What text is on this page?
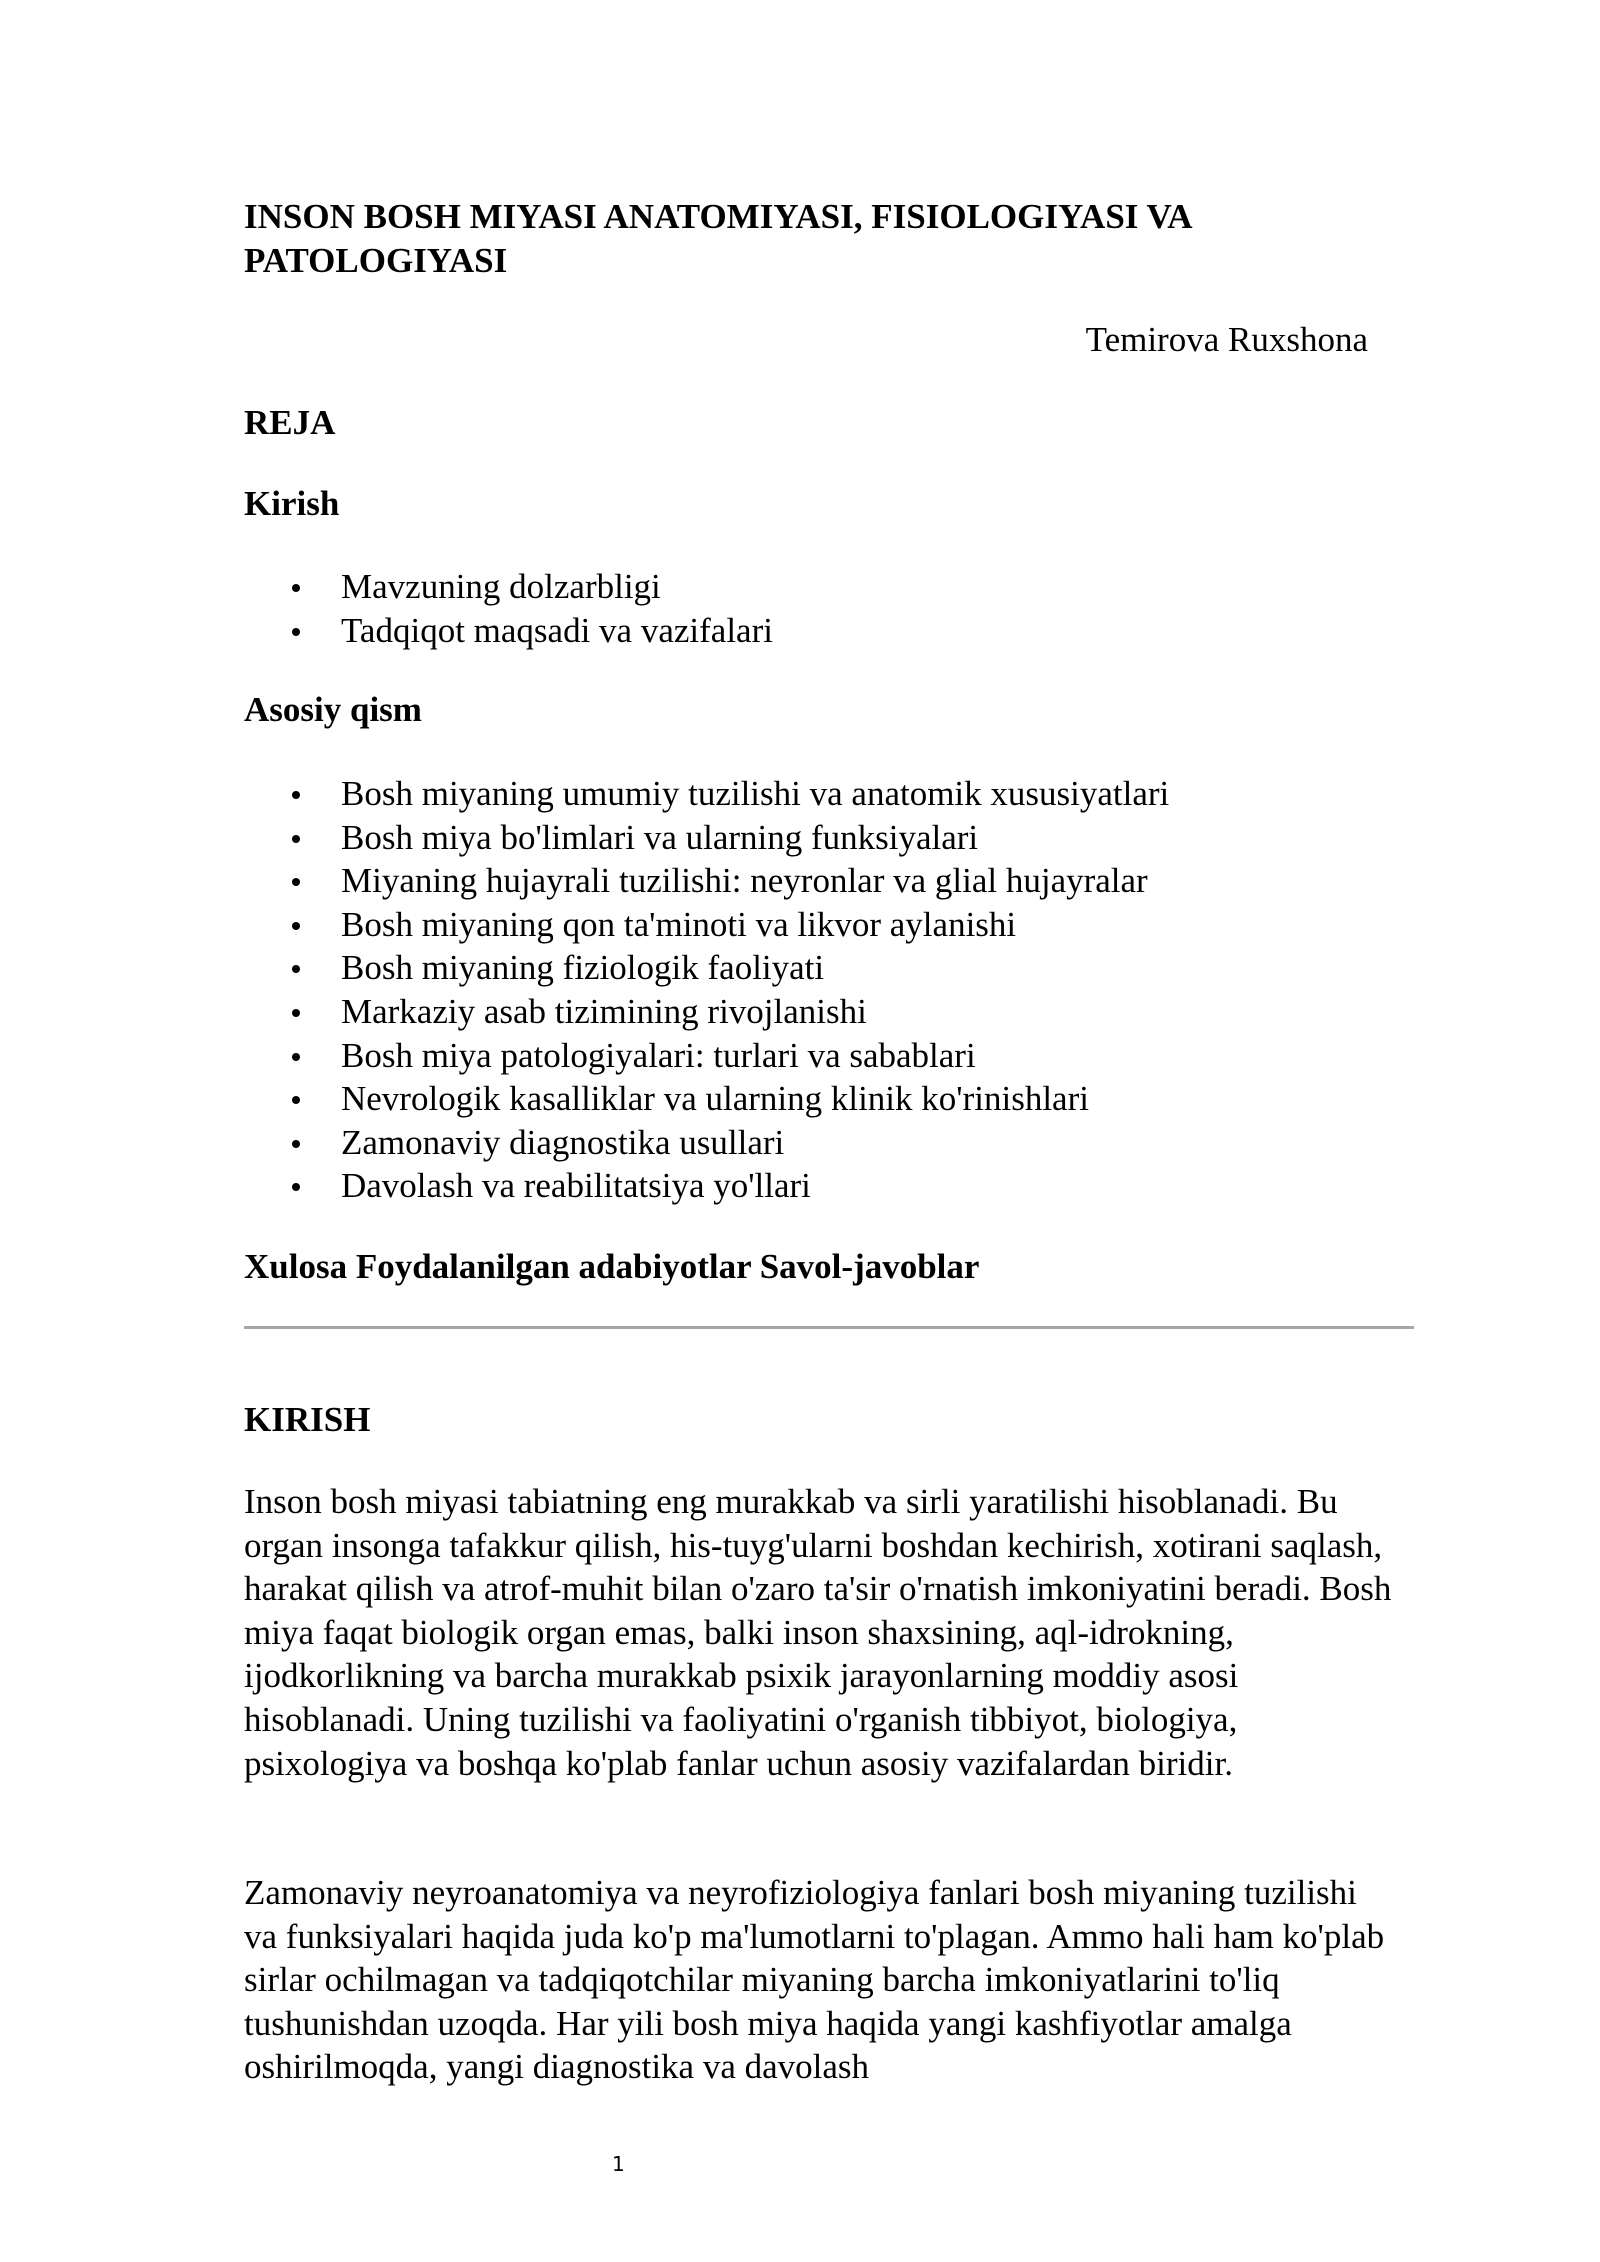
INSON BOSH MIYASI ANATOMIYASI, FISIOLOGIYASI VA PATOLOGIYASI
Temirova Ruxshona
REJA
Kirish
Mavzuning dolzarbligi
Tadqiqot maqsadi va vazifalari
Asosiy qism
Bosh miyaning umumiy tuzilishi va anatomik xususiyatlari
Bosh miya bo'limlari va ularning funksiyalari
Miyaning hujayrali tuzilishi: neyronlar va glial hujayralar
Bosh miyaning qon ta'minoti va likvor aylanishi
Bosh miyaning fiziologik faoliyati
Markaziy asab tizimining rivojlanishi
Bosh miya patologiyalari: turlari va sabablari
Nevrologik kasalliklar va ularning klinik ko'rinishlari
Zamonaviy diagnostika usullari
Davolash va reabilitatsiya yo'llari
Xulosa Foydalanilgan adabiyotlar Savol-javoblar
KIRISH

Inson bosh miyasi tabiatning eng murakkab va sirli yaratilishi hisoblanadi. Bu organ insonga tafakkur qilish, his-tuyg'ularni boshdan kechirish, xotirani saqlash, harakat qilish va atrof-muhit bilan o'zaro ta'sir o'rnatish imkoniyatini beradi. Bosh miya faqat biologik organ emas, balki inson shaxsining, aql-idrokning, ijodkorlikning va barcha murakkab psixik jarayonlarning moddiy asosi hisoblanadi. Uning tuzilishi va faoliyatini o'rganish tibbiyot, biologiya, psixologiya va boshqa ko'plab fanlar uchun asosiy vazifalardan biridir.

Zamonaviy neyroanatomiya va neyrofiziologiya fanlari bosh miyaning tuzilishi va funksiyalari haqida juda ko'p ma'lumotlarni to'plagan. Ammo hali ham ko'plab sirlar ochilmagan va tadqiqotchilar miyaning barcha imkoniyatlarini to'liq tushunishdan uzoqda. Har yili bosh miya haqida yangi kashfiyotlar amalga oshirilmoqda, yangi diagnostika va davolash

1
